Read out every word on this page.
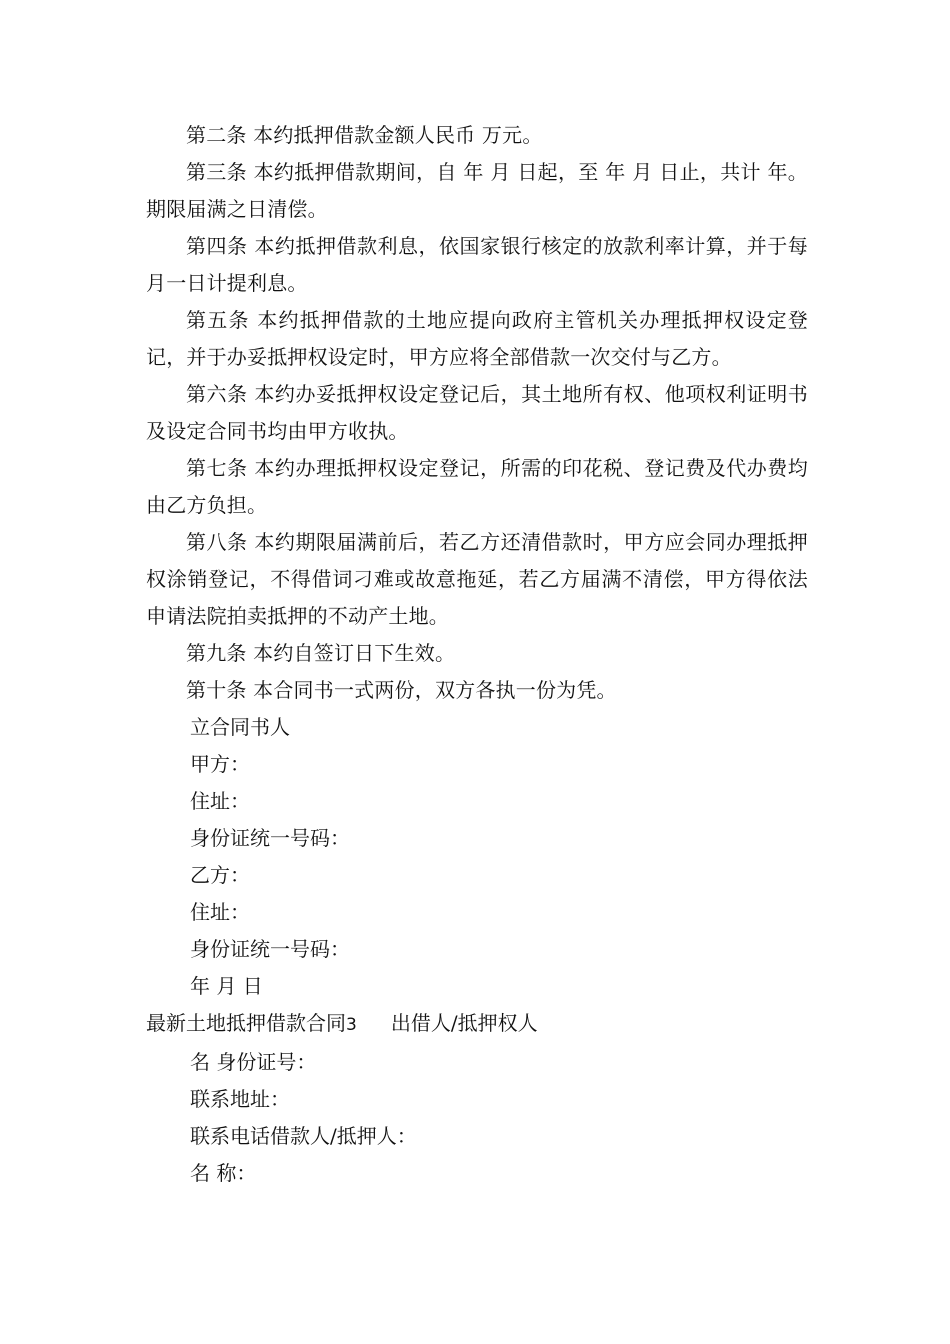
第二条 本约抵押借款金额人民币 万元。

第三条 本约抵押借款期间，自 年 月 日起，至 年 月 日止，共计 年。期限届满之日清偿。

第四条 本约抵押借款利息，依国家银行核定的放款利率计算，并于每月一日计提利息。

第五条 本约抵押借款的土地应提向政府主管机关办理抵押权设定登记，并于办妥抵押权设定时，甲方应将全部借款一次交付与乙方。

第六条 本约办妥抵押权设定登记后，其土地所有权、他项权利证明书及设定合同书均由甲方收执。

第七条 本约办理抵押权设定登记，所需的印花税、登记费及代办费均由乙方负担。

第八条 本约期限届满前后，若乙方还清借款时，甲方应会同办理抵押权涂销登记，不得借词刁难或故意拖延，若乙方届满不清偿，甲方得依法申请法院拍卖抵押的不动产土地。

第九条 本约自签订日下生效。

第十条 本合同书一式两份，双方各执一份为凭。

立合同书人

甲方：

住址：

身份证统一号码：

乙方：

住址：

身份证统一号码：

年 月 日

最新土地抵押借款合同3 出借人/抵押权人

名 身份证号：

联系地址：

联系电话借款人/抵押人：

名 称：
